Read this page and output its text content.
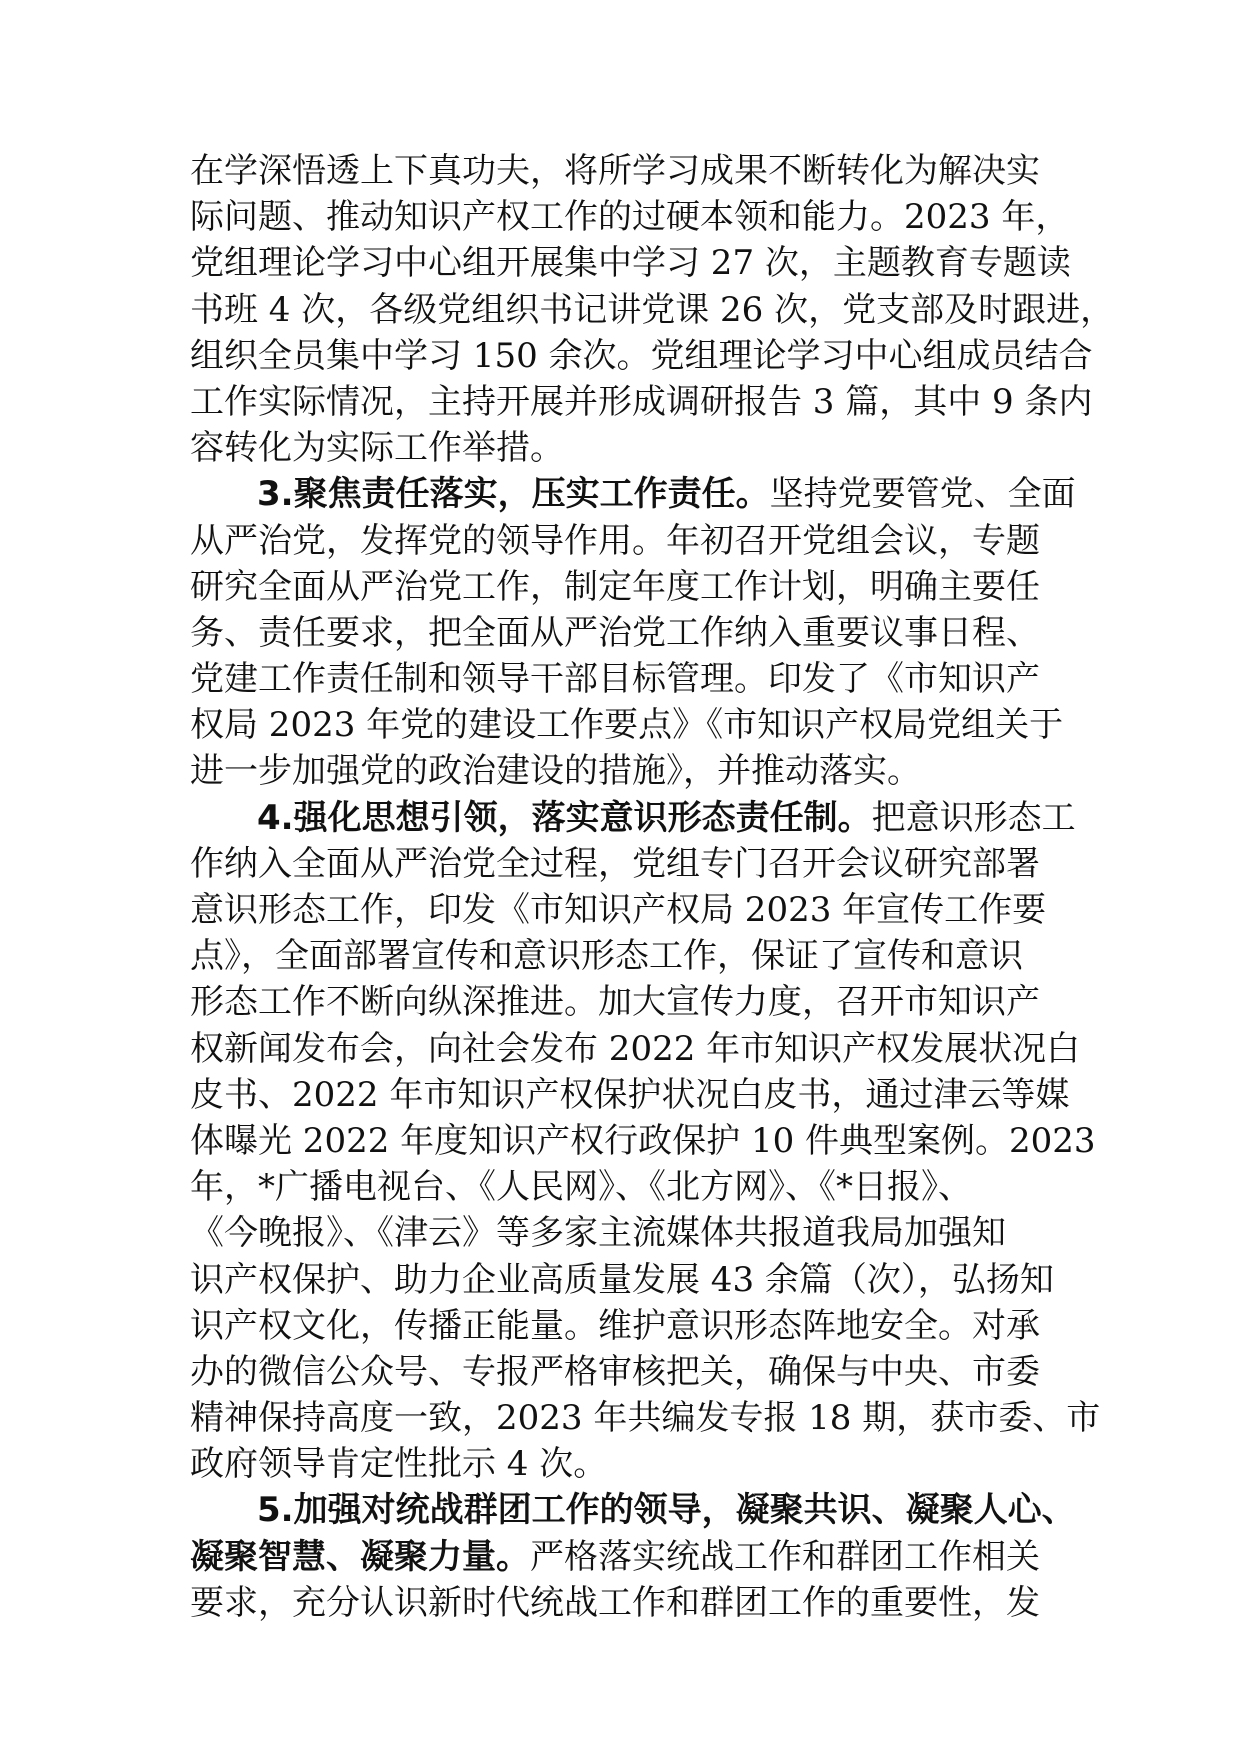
在学深悟透上下真功夫，将所学习成果不断转化为解决实
际问题、推动知识产权工作的过硬本领和能力。2023 年，
党组理论学习中心组开展集中学习 27 次，主题教育专题读
书班 4 次，各级党组织书记讲党课 26 次，党支部及时跟进，
组织全员集中学习 150 余次。党组理论学习中心组成员结合
工作实际情况，主持开展并形成调研报告 3 篇，其中 9 条内
容转化为实际工作举措。
3.聚焦责任落实，压实工作责任。坚持党要管党、全面
从严治党，发挥党的领导作用。年初召开党组会议，专题
研究全面从严治党工作，制定年度工作计划，明确主要任
务、责任要求，把全面从严治党工作纳入重要议事日程、
党建工作责任制和领导干部目标管理。印发了《市知识产
权局 2023 年党的建设工作要点》《市知识产权局党组关于
进一步加强党的政治建设的措施》，并推动落实。
4.强化思想引领，落实意识形态责任制。把意识形态工
作纳入全面从严治党全过程，党组专门召开会议研究部署
意识形态工作，印发《市知识产权局 2023 年宣传工作要
点》，全面部署宣传和意识形态工作，保证了宣传和意识
形态工作不断向纵深推进。加大宣传力度，召开市知识产
权新闻发布会，向社会发布 2022 年市知识产权发展状况白
皮书、2022 年市知识产权保护状况白皮书，通过津云等媒
体曝光 2022 年度知识产权行政保护 10 件典型案例。2023
年，*广播电视台、《人民网》、《北方网》、《*日报》、
《今晚报》、《津云》等多家主流媒体共报道我局加强知
识产权保护、助力企业高质量发展 43 余篇（次），弘扬知
识产权文化，传播正能量。维护意识形态阵地安全。对承
办的微信公众号、专报严格审核把关，确保与中央、市委
精神保持高度一致，2023 年共编发专报 18 期，获市委、市
政府领导肯定性批示 4 次。
5.加强对统战群团工作的领导，凝聚共识、凝聚人心、
凝聚智慧、凝聚力量。严格落实统战工作和群团工作相关
要求，充分认识新时代统战工作和群团工作的重要性，发
